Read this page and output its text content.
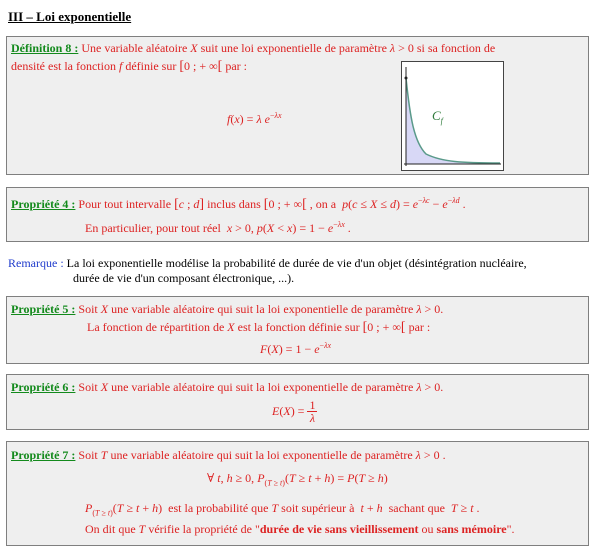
III – Loi exponentielle
Définition 8 : Une variable aléatoire X suit une loi exponentielle de paramètre λ > 0 si sa fonction de
densité est la fonction f définie sur [0 ; + ∞[ par :
f(x) = λ $e^{-\lambda x}$	$C_f$
Propriété 4 : Pour tout intervalle [c ; d] inclus dans [0 ; + ∞[ , on a  $p(c \le X \le d) = e^{-\lambda c} - e^{-\lambda d}$ .
En particulier, pour tout réel  x > 0, $p(X < x) = 1 - e^{-\lambda x}$ .
Remarque : La loi exponentielle modélise la probabilité de durée de vie d'un objet (désintégration nucléaire,
durée de vie d'un composant électronique, ...).
Propriété 5 : Soit X une variable aléatoire qui suit la loi exponentielle de paramètre λ > 0.
La fonction de répartition de X est la fonction définie sur [0 ; + ∞[ par :
$F(X) = 1 - e^{-\lambda x}$
Propriété 6 : Soit X une variable aléatoire qui suit la loi exponentielle de paramètre λ > 0.
$E(X) = \frac{1}{\lambda}$
Propriété 7 : Soit T une variable aléatoire qui suit la loi exponentielle de paramètre λ > 0 .
∀ t, h ≥ 0, $P_{(T \ge t)}(T \ge t + h) = P(T \ge h)$
$P_{(T \ge t)}(T \ge t + h)$  est la probabilité que T soit supérieur à  t + h  sachant que  T ≥ t .
On dit que T vérifie la propriété de "durée de vie sans vieillissement ou sans mémoire".
